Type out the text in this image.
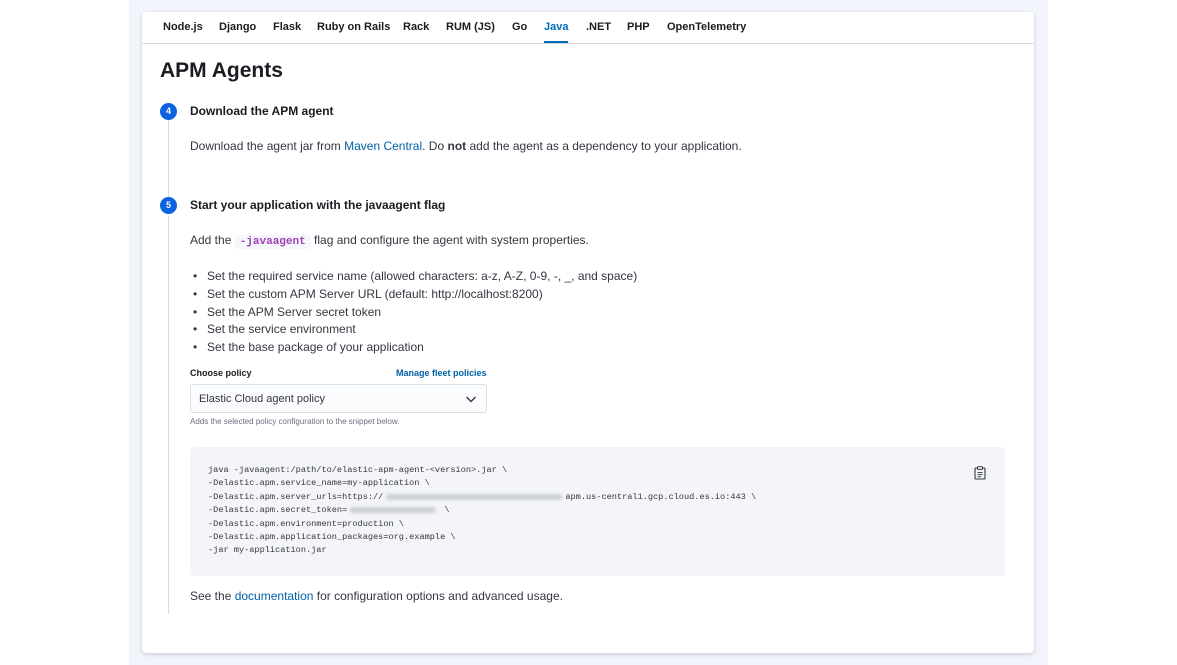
Node.js Django Flask Ruby on Rails Rack RUM (JS) Go Java .NET PHP OpenTelemetry
APM Agents
4	Download the APM agent
Download the agent jar from Maven Central. Do not add the agent as a dependency to your application.
5	Start your application with the javaagent flag
Add the -javaagent flag and configure the agent with system properties.
• Set the required service name (allowed characters: a-z, A-Z, 0-9, -, _, and space)
• Set the custom APM Server URL (default: http://localhost:8200)
• Set the APM Server secret token
• Set the service environment
• Set the base package of your application
Choose policy	Manage fleet policies
Elastic Cloud agent policy
Adds the selected policy configuration to the snippet below.
java -javaagent:/path/to/elastic-apm-agent-<version>.jar \
-Delastic.apm.service_name=my-application \
-Delastic.apm.server_urls=https://	apm.us-central1.gcp.cloud.es.io:443 \
-Delastic.apm.secret_token=	\
-Delastic.apm.environment=production \
-Delastic.apm.application_packages=org.example \
-jar my-application.jar
See the documentation for configuration options and advanced usage.
